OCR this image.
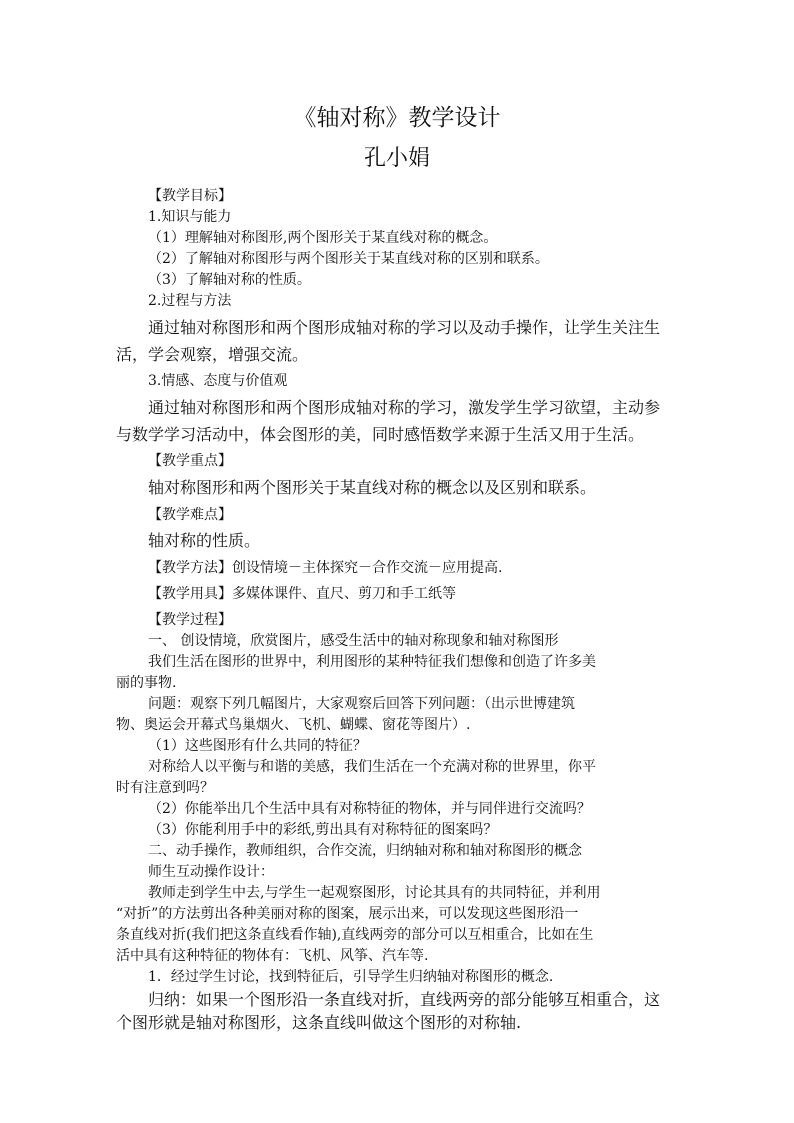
《轴对称》教学设计
孔小娟
【教学目标】
1.知识与能力
（1）理解轴对称图形,两个图形关于某直线对称的概念。
（2）了解轴对称图形与两个图形关于某直线对称的区别和联系。
（3）了解轴对称的性质。
2.过程与方法
通过轴对称图形和两个图形成轴对称的学习以及动手操作，让学生关注生
活，学会观察，增强交流。
3.情感、态度与价值观
通过轴对称图形和两个图形成轴对称的学习，激发学生学习欲望，主动参
与数学学习活动中，体会图形的美，同时感悟数学来源于生活又用于生活。
【教学重点】
轴对称图形和两个图形关于某直线对称的概念以及区别和联系。
【教学难点】
轴对称的性质。
【教学方法】创设情境－主体探究－合作交流－应用提高.
【教学用具】多媒体课件、直尺、剪刀和手工纸等
【教学过程】
一、 创设情境，欣赏图片，感受生活中的轴对称现象和轴对称图形
我们生活在图形的世界中，利用图形的某种特征我们想像和创造了许多美
丽的事物.
问题：观察下列几幅图片，大家观察后回答下列问题：（出示世博建筑
物、奥运会开幕式鸟巢烟火、飞机、蝴蝶、窗花等图片）.
（1）这些图形有什么共同的特征？
对称给人以平衡与和谐的美感，我们生活在一个充满对称的世界里，你平
时有注意到吗？
（2）你能举出几个生活中具有对称特征的物体，并与同伴进行交流吗？
（3）你能利用手中的彩纸,剪出具有对称特征的图案吗？
二、动手操作，教师组织，合作交流，归纳轴对称和轴对称图形的概念
师生互动操作设计：
教师走到学生中去,与学生一起观察图形，讨论其具有的共同特征，并利用
“对折”的方法剪出各种美丽对称的图案，展示出来，可以发现这些图形沿一
条直线对折(我们把这条直线看作轴),直线两旁的部分可以互相重合，比如在生
活中具有这种特征的物体有：飞机、风筝、汽车等.
1．经过学生讨论，找到特征后，引导学生归纳轴对称图形的概念.
归纳：如果一个图形沿一条直线对折，直线两旁的部分能够互相重合，这
个图形就是轴对称图形，这条直线叫做这个图形的对称轴.
